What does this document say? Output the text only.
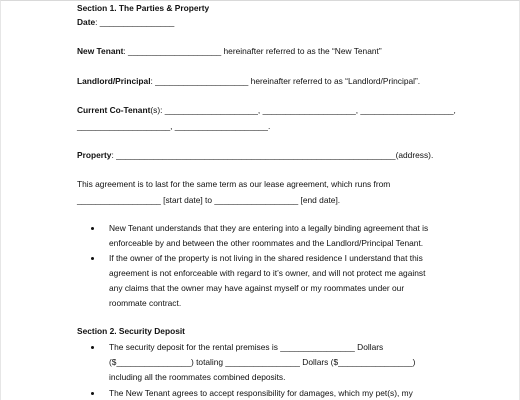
Section 1. The Parties & Property
Date: ________________
New Tenant: ____________________ hereinafter referred to as the “New Tenant”
Landlord/Principal: ____________________ hereinafter referred to as “Landlord/Principal”.
Current Co-Tenant(s): ____________________, ____________________, ____________________,
____________________, ____________________.
Property: ____________________________________________________________(address).
This agreement is to last for the same term as our lease agreement, which runs from
__________________ [start date] to __________________ [end date].
New Tenant understands that they are entering into a legally binding agreement that is
enforceable by and between the other roommates and the Landlord/Principal Tenant.
If the owner of the property is not living in the shared residence I understand that this
agreement is not enforceable with regard to it’s owner, and will not protect me against
any claims that the owner may have against myself or my roommates under our
roommate contract.
Section 2. Security Deposit
The security deposit for the rental premises is ________________ Dollars
($________________) totaling ________________ Dollars ($________________)
including all the roommates combined deposits.
The New Tenant agrees to accept responsibility for damages, which my pet(s), my
